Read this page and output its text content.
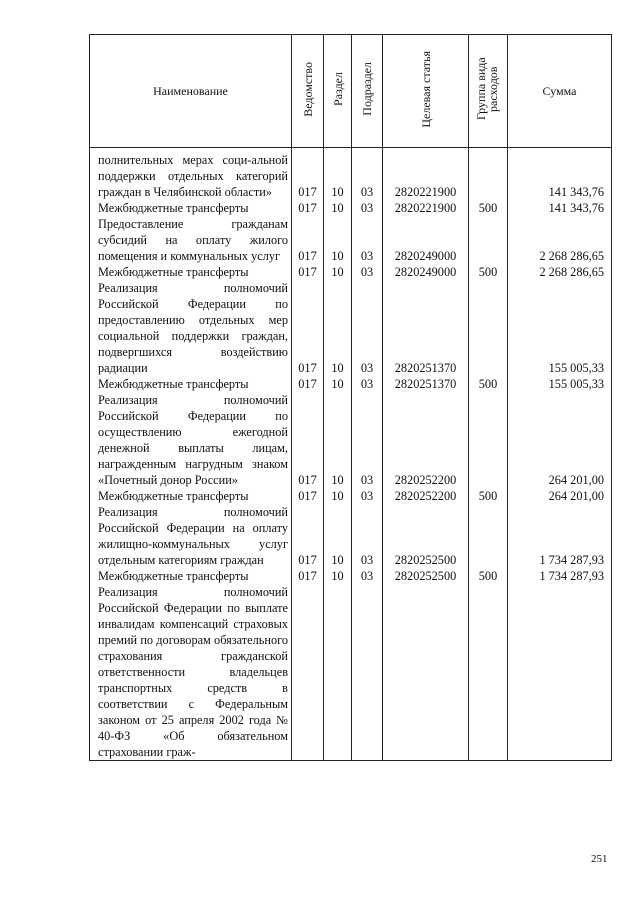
Наименование	Ведомство	Раздел	Подраздел	Целевая статья	Группа вида расходов	Сумма
полнительных мерах соци-альной поддержки отдельных категорий граждан в Челябинской области»	017	10	03	2820221900		141 343,76
Межбюджетные трансферты	017	10	03	2820221900	500	141 343,76
Предоставление гражданам субсидий на оплату жилого помещения и коммунальных услуг	017	10	03	2820249000		2 268 286,65
Межбюджетные трансферты	017	10	03	2820249000	500	2 268 286,65
Реализация полномочий Российской Федерации по предоставлению отдельных мер социальной поддержки граждан, подвергшихся воздействию радиации	017	10	03	2820251370		155 005,33
Межбюджетные трансферты	017	10	03	2820251370	500	155 005,33
Реализация полномочий Российской Федерации по осуществлению ежегодной денежной выплаты лицам, награжденным нагрудным знаком «Почетный донор России»	017	10	03	2820252200		264 201,00
Межбюджетные трансферты	017	10	03	2820252200	500	264 201,00
Реализация полномочий Российской Федерации на оплату жилищно-коммунальных услуг отдельным категориям граждан	017	10	03	2820252500		1 734 287,93
Межбюджетные трансферты	017	10	03	2820252500	500	1 734 287,93
Реализация полномочий Российской Федерации по выплате инвалидам компенсаций страховых премий по договорам обязательного страхования гражданской ответственности владельцев транспортных средств в соответствии с Федеральным законом от 25 апреля 2002 года № 40-ФЗ «Об обязательном страховании граж-						
251
